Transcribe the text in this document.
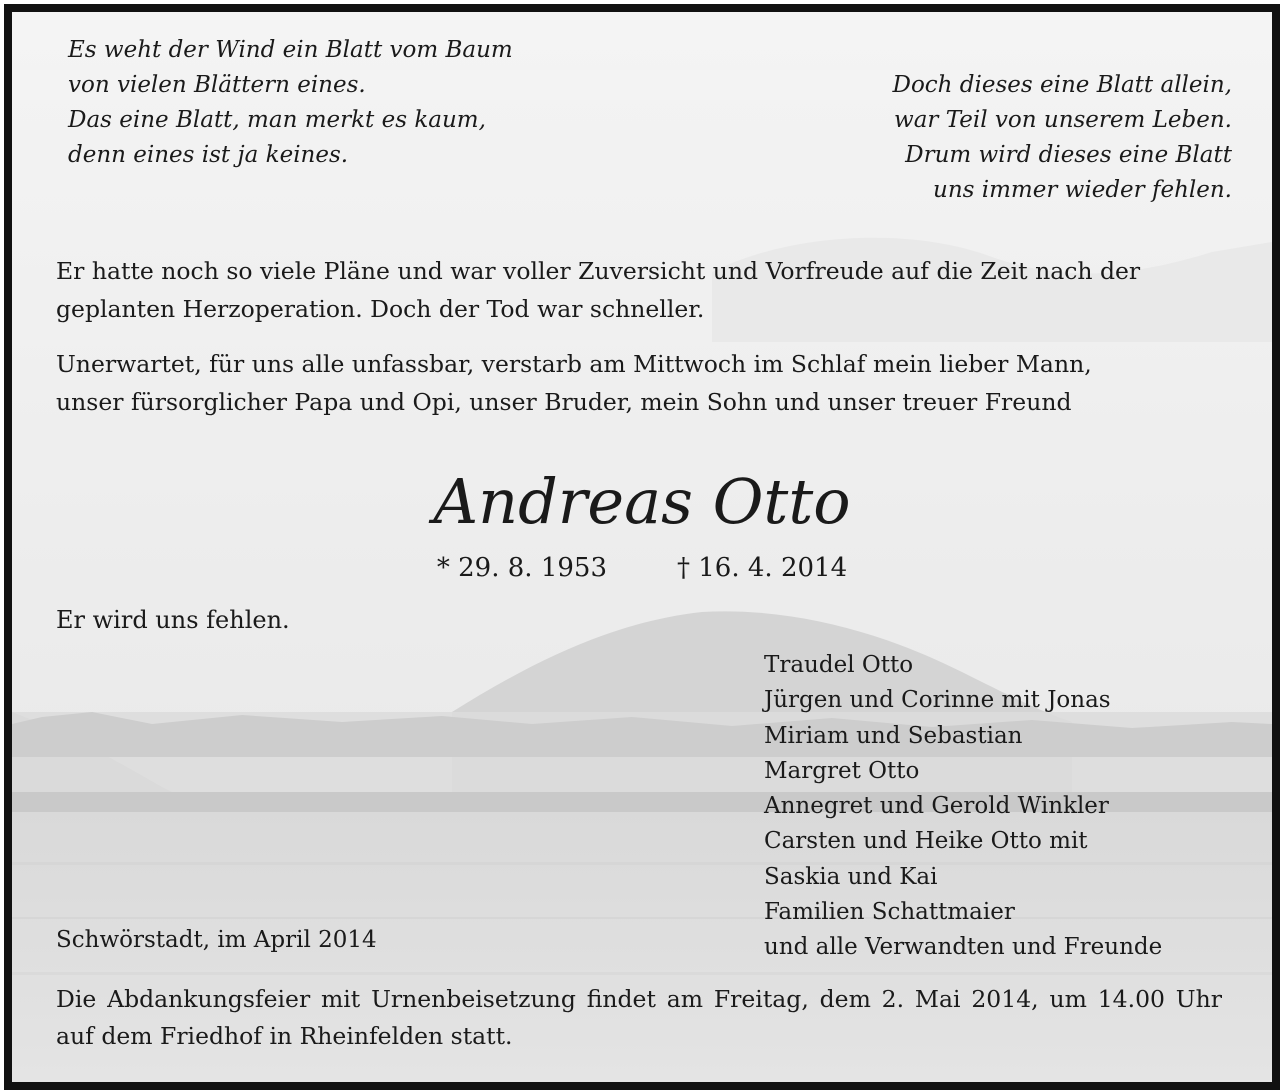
Es weht der Wind ein Blatt vom Baum
von vielen Blättern eines.
Das eine Blatt, man merkt es kaum,
denn eines ist ja keines.
Doch dieses eine Blatt allein,
war Teil von unserem Leben.
Drum wird dieses eine Blatt
uns immer wieder fehlen.
Er hatte noch so viele Pläne und war voller Zuversicht und Vorfreude auf die Zeit nach der
geplanten Herzoperation. Doch der Tod war schneller.
Unerwartet, für uns alle unfassbar, verstarb am Mittwoch im Schlaf mein lieber Mann,
unser fürsorglicher Papa und Opi, unser Bruder, mein Sohn und unser treuer Freund
Andreas Otto
* 29. 8. 1953	† 16. 4. 2014
Er wird uns fehlen.
Traudel Otto
Jürgen und Corinne mit Jonas
Miriam und Sebastian
Margret Otto
Annegret und Gerold Winkler
Carsten und Heike Otto mit
Saskia und Kai
Familien Schattmaier
und alle Verwandten und Freunde
Schwörstadt, im April 2014
Die Abdankungsfeier mit Urnenbeisetzung findet am Freitag, dem 2. Mai 2014, um 14.00 Uhr auf dem Friedhof in Rheinfelden statt.
